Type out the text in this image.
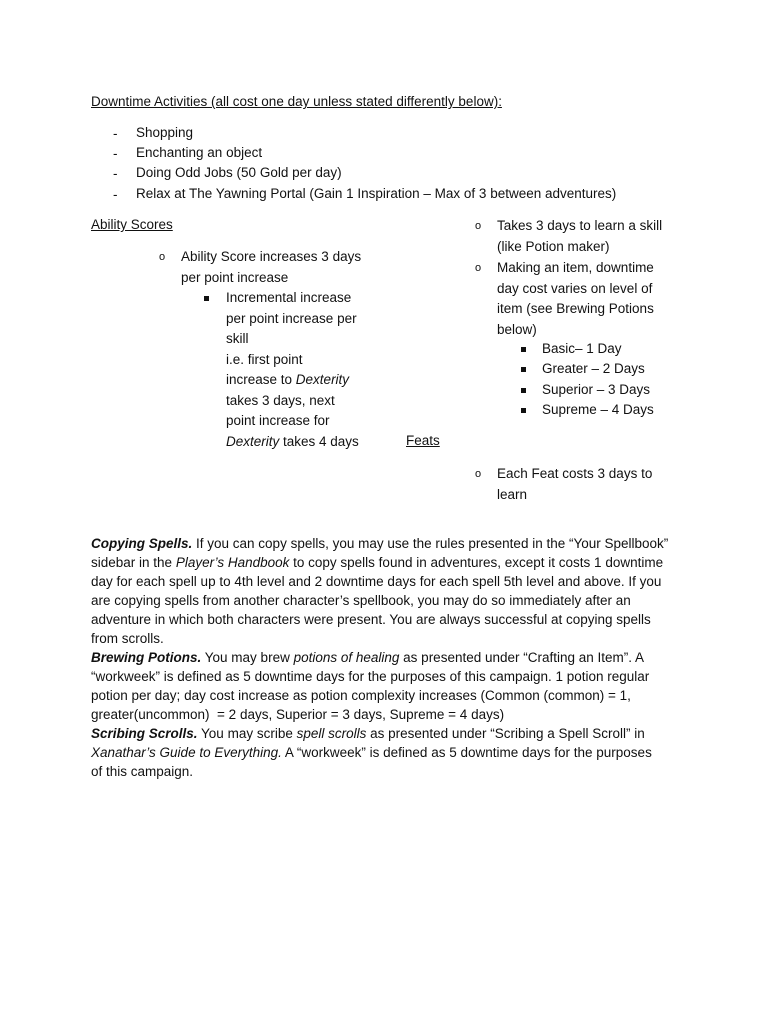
Downtime Activities (all cost one day unless stated differently below):
- Shopping
- Enchanting an object
- Doing Odd Jobs (50 Gold per day)
- Relax at The Yawning Portal (Gain 1 Inspiration – Max of 3 between adventures)
Ability Scores
o Ability Score increases 3 days
per point increase
Incremental increase
per point increase per
skill
i.e. first point
increase to Dexterity
takes 3 days, next
point increase for
Dexterity takes 4 days
o Takes 3 days to learn a skill
(like Potion maker)
o Making an item, downtime
day cost varies on level of
item (see Brewing Potions
below)
Basic– 1 Day
Greater – 2 Days
Superior – 3 Days
Supreme – 4 Days
Feats
o Each Feat costs 3 days to
learn
Copying Spells. If you can copy spells, you may use the rules presented in the “Your Spellbook”
sidebar in the Player’s Handbook to copy spells found in adventures, except it costs 1 downtime
day for each spell up to 4th level and 2 downtime days for each spell 5th level and above. If you
are copying spells from another character’s spellbook, you may do so immediately after an
adventure in which both characters were present. You are always successful at copying spells
from scrolls.
Brewing Potions. You may brew potions of healing as presented under “Crafting an Item”. A
“workweek” is defined as 5 downtime days for the purposes of this campaign. 1 potion regular
potion per day; day cost increase as potion complexity increases (Common (common) = 1,
greater(uncommon)  = 2 days, Superior = 3 days, Supreme = 4 days)
Scribing Scrolls. You may scribe spell scrolls as presented under “Scribing a Spell Scroll” in
Xanathar’s Guide to Everything. A “workweek” is defined as 5 downtime days for the purposes
of this campaign.
